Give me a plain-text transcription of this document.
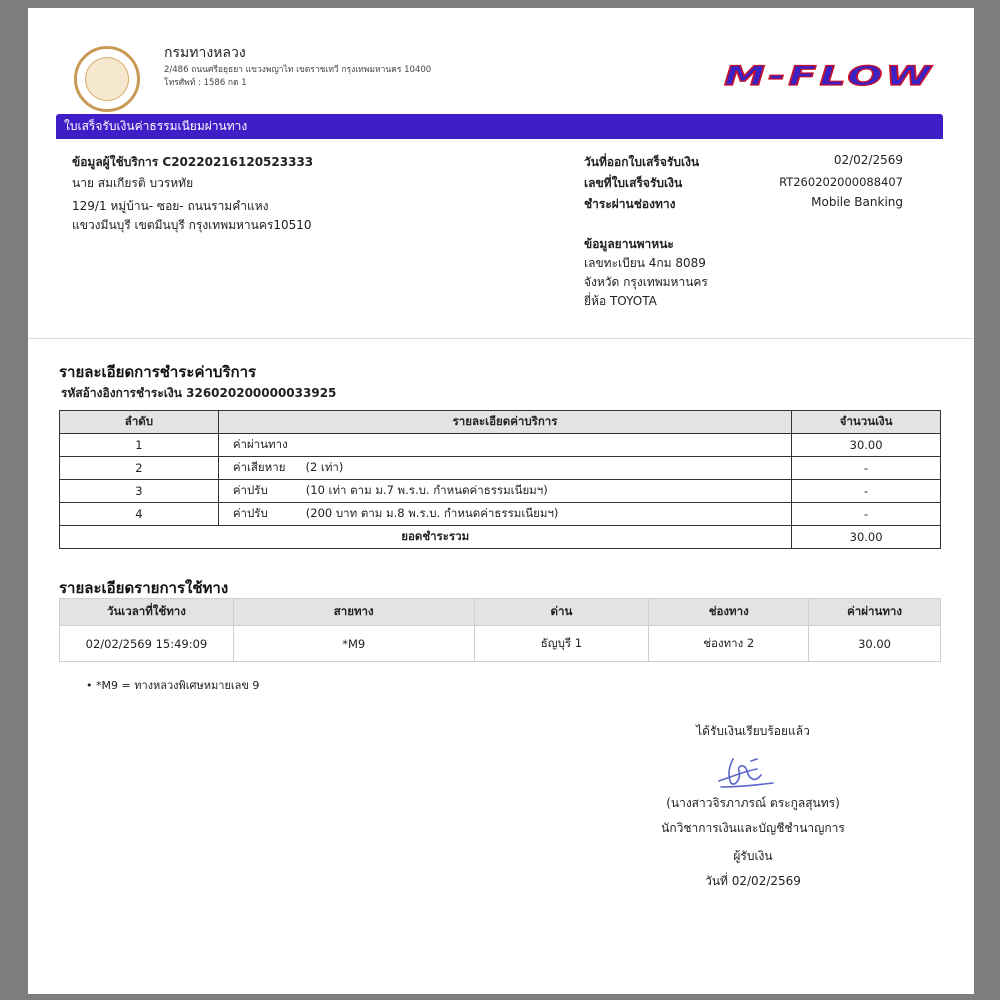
กรมทางหลวง
2/486 ถนนศรีอยุธยา แขวงพญาไท เขตราชเทวี กรุงเทพมหานคร 10400
โทรศัพท์ : 1586 กด 1	M-FLOW
ใบเสร็จรับเงินค่าธรรมเนียมผ่านทาง
ข้อมูลผู้ใช้บริการ C20220216120523333
นาย สมเกียรติ บวรหทัย
129/1 หมู่บ้าน- ซอย- ถนนรามคำแหง
แขวงมีนบุรี เขตมีนบุรี กรุงเทพมหานคร10510
วันที่ออกใบเสร็จรับเงิน	02/02/2569
เลขที่ใบเสร็จรับเงิน	RT260202000088407
ชำระผ่านช่องทาง	Mobile Banking
ข้อมูลยานพาหนะ
เลขทะเบียน 4กม 8089
จังหวัด กรุงเทพมหานคร
ยี่ห้อ TOYOTA
รายละเอียดการชำระค่าบริการ
รหัสอ้างอิงการชำระเงิน 326020200000033925
ลำดับ	รายละเอียดค่าบริการ	จำนวนเงิน
1	ค่าผ่านทาง	30.00
2	ค่าเสียหาย (2 เท่า)	-
3	ค่าปรับ (10 เท่า ตาม ม.7 พ.ร.บ. กำหนดค่าธรรมเนียมฯ)	-
4	ค่าปรับ (200 บาท ตาม ม.8 พ.ร.บ. กำหนดค่าธรรมเนียมฯ)	-
ยอดชำระรวม		30.00
รายละเอียดรายการใช้ทาง
วันเวลาที่ใช้ทาง	สายทาง	ด่าน	ช่องทาง	ค่าผ่านทาง
02/02/2569 15:49:09	*M9	ธัญบุรี 1	ช่องทาง 2	30.00
• *M9 = ทางหลวงพิเศษหมายเลข 9
ได้รับเงินเรียบร้อยแล้ว
(นางสาวจิรภาภรณ์ ตระกูลสุนทร)
นักวิชาการเงินและบัญชีชำนาญการ
ผู้รับเงิน
วันที่ 02/02/2569
